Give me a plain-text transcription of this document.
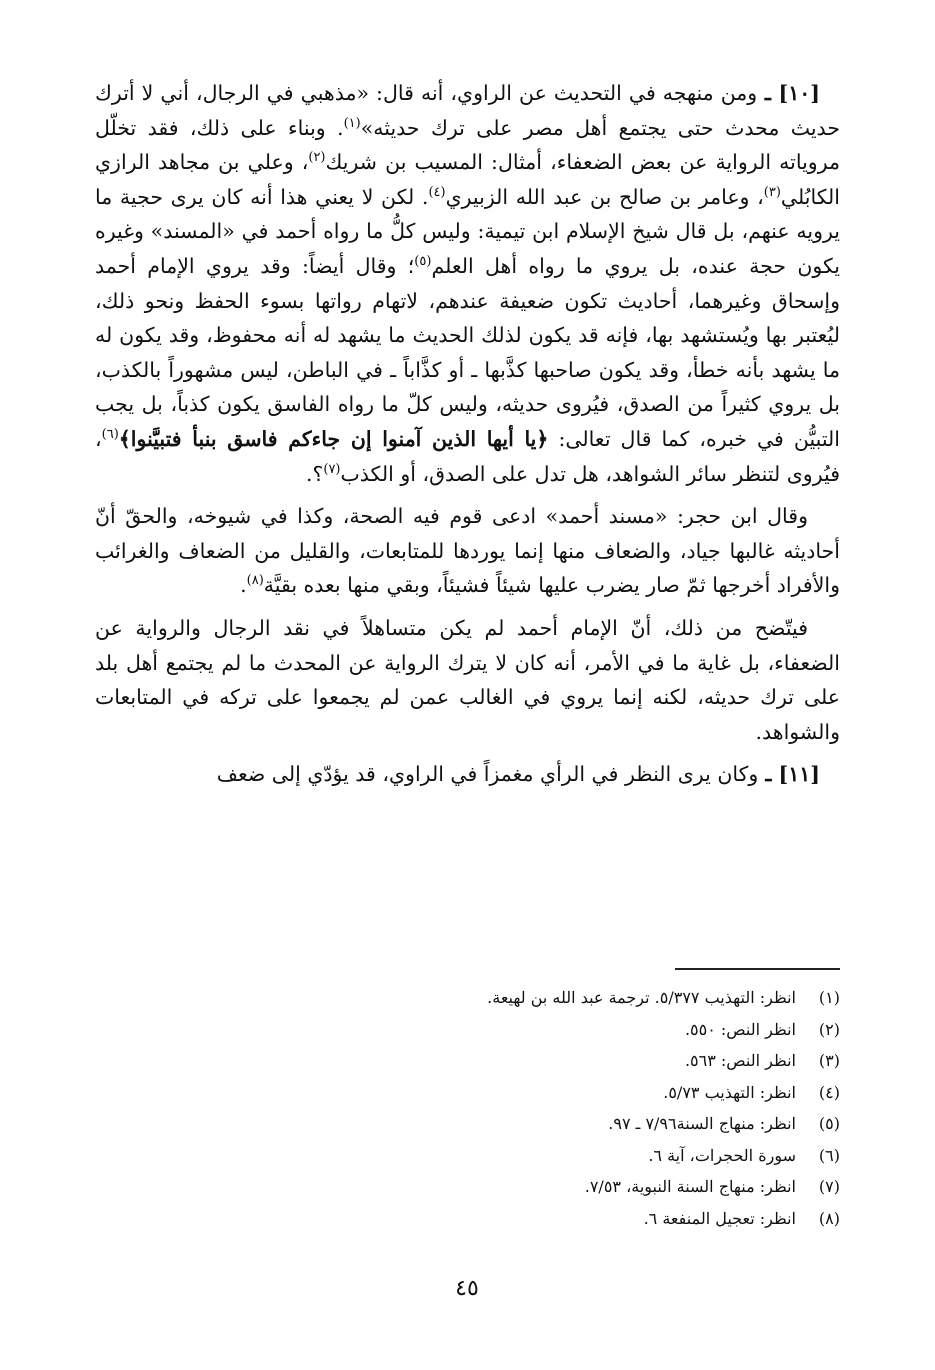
[١٠] ـ ومن منهجه في التحديث عن الراوي، أنه قال: «مذهبي في الرجال، أني لا أترك حديث محدث حتى يجتمع أهل مصر على ترك حديثه»$^{(١)}$. وبناء على ذلك، فقد تخلّل مروياته الرواية عن بعض الضعفاء، أمثال: المسيب بن شريك$^{(٢)}$، وعلي بن مجاهد الرازي الكابُلي$^{(٣)}$، وعامر بن صالح بن عبد الله الزبيري$^{(٤)}$. لكن لا يعني هذا أنه كان يرى حجية ما يرويه عنهم، بل قال شيخ الإسلام ابن تيمية: وليس كلُّ ما رواه أحمد في «المسند» وغيره يكون حجة عنده، بل يروي ما رواه أهل العلم$^{(٥)}$؛ وقال أيضاً: وقد يروي الإمام أحمد وإسحاق وغيرهما، أحاديث تكون ضعيفة عندهم، لاتهام رواتها بسوء الحفظ ونحو ذلك، ليُعتبر بها ويُستشهد بها، فإنه قد يكون لذلك الحديث ما يشهد له أنه محفوظ، وقد يكون له ما يشهد بأنه خطأ، وقد يكون صاحبها كذَّبها ـ أو كذَّاباً ـ في الباطن، ليس مشهوراً بالكذب، بل يروي كثيراً من الصدق، فيُروى حديثه، وليس كلّ ما رواه الفاسق يكون كذباً، بل يجب التبيُّن في خبره، كما قال تعالى: ﴿يا أيها الذين آمنوا إن جاءكم فاسق بنبأ فتبيَّنوا﴾$^{(٦)}$، فيُروى لتنظر سائر الشواهد، هل تدل على الصدق، أو الكذب$^{(٧)}$؟.

وقال ابن حجر: «مسند أحمد» ادعى قوم فيه الصحة، وكذا في شيوخه، والحقّ أنّ أحاديثه غالبها جياد، والضعاف منها إنما يوردها للمتابعات، والقليل من الضعاف والغرائب والأفراد أخرجها ثمّ صار يضرب عليها شيئاً فشيئاً، وبقي منها بعده بقيَّة$^{(٨)}$.

فيتّضح من ذلك، أنّ الإمام أحمد لم يكن متساهلاً في نقد الرجال والرواية عن الضعفاء، بل غاية ما في الأمر، أنه كان لا يترك الرواية عن المحدث ما لم يجتمع أهل بلد على ترك حديثه، لكنه إنما يروي في الغالب عمن لم يجمعوا على تركه في المتابعات والشواهد.

[١١] ـ وكان يرى النظر في الرأي مغمزاً في الراوي، قد يؤدّي إلى ضعف

(١)
انظر: التهذيب ٥/٣٧٧. ترجمة عبد الله بن لهيعة.
(٢)
انظر النص: ٥٥٠.
(٣)
انظر النص: ٥٦٣.
(٤)
انظر: التهذيب ٥/٧٣.
(٥)
انظر: منهاج السنة٧/٩٦ ـ ٩٧.
(٦)
سورة الحجرات، آية ٦.
(٧)
انظر: منهاج السنة النبوية، ٧/٥٣.
(٨)
انظر: تعجيل المنفعة ٦.
٤٥
